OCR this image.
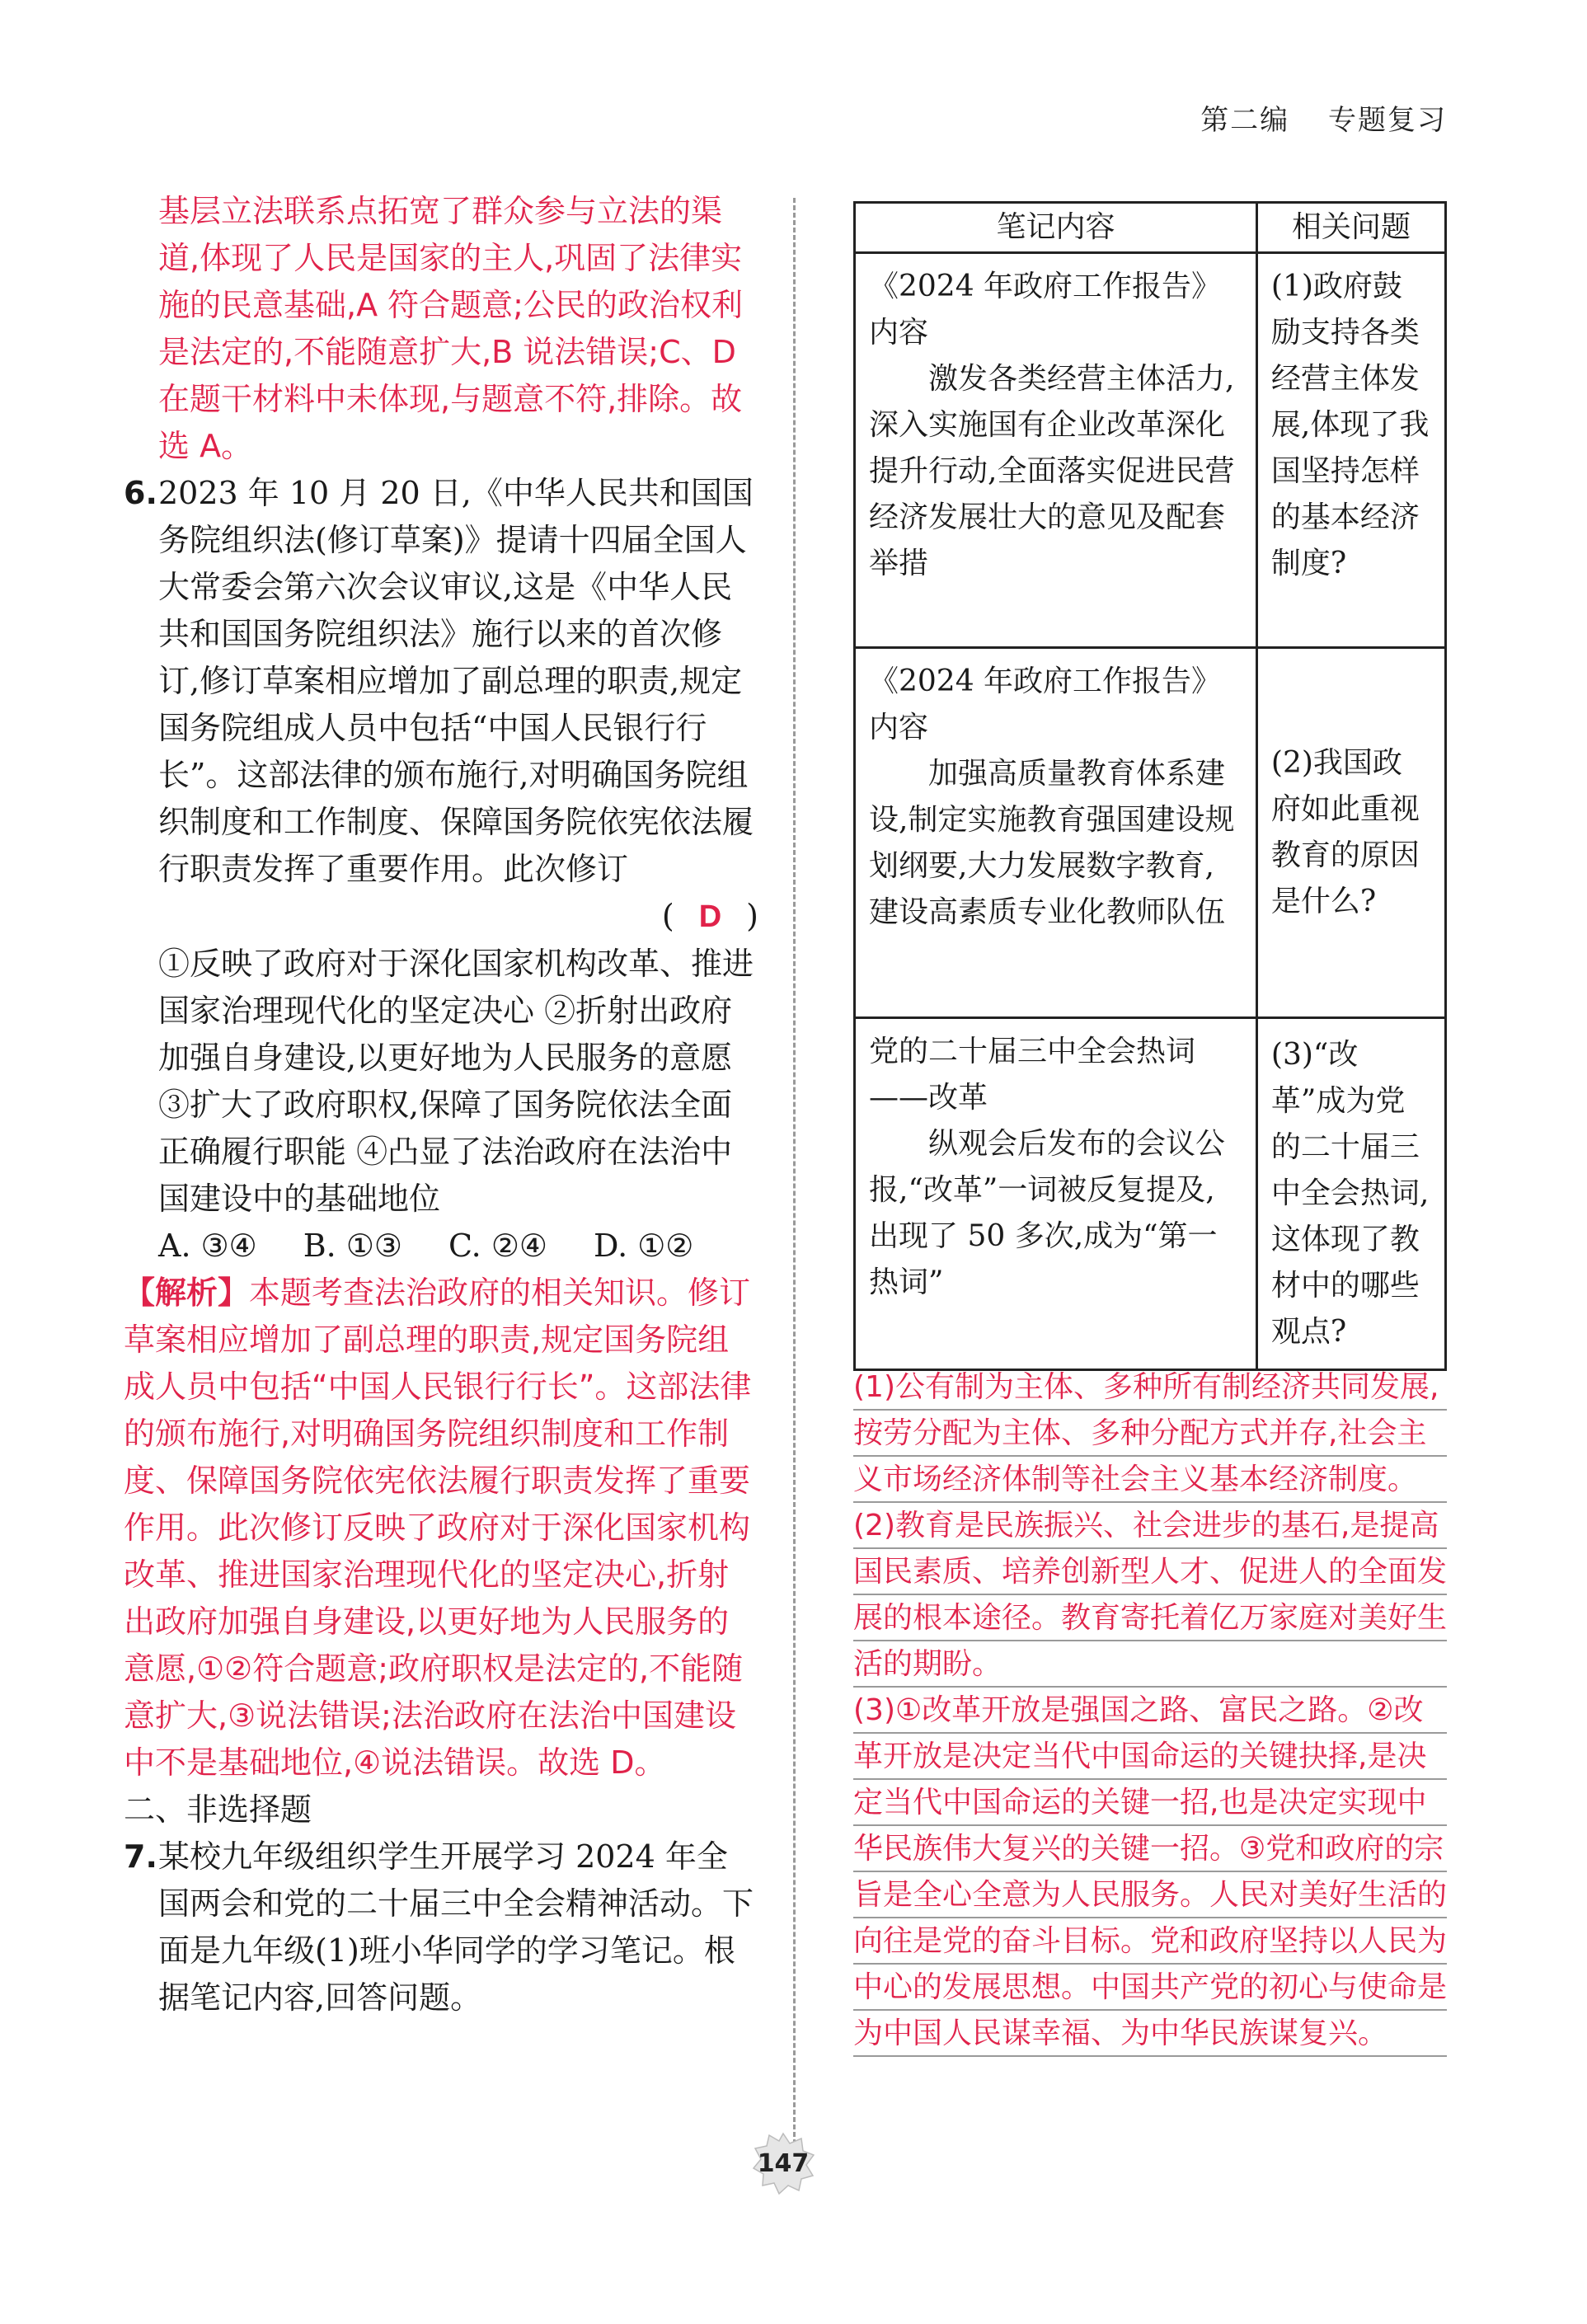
第二编 专题复习

基层立法联系点拓宽了群众参与立法的渠道,体现了人民是国家的主人,巩固了法律实施的民意基础,A 符合题意;公民的政治权利是法定的,不能随意扩大,B 说法错误;C、D 在题干材料中未体现,与题意不符,排除。故选 A。

6. 2023 年 10 月 20 日,《中华人民共和国国务院组织法(修订草案)》提请十四届全国人大常委会第六次会议审议,这是《中华人民共和国国务院组织法》施行以来的首次修订,修订草案相应增加了副总理的职责,规定国务院组成人员中包括“中国人民银行行长”。这部法律的颁布施行,对明确国务院组织制度和工作制度、保障国务院依宪依法履行职责发挥了重要作用。此次修订

( D )

①反映了政府对于深化国家机构改革、推进国家治理现代化的坚定决心 ②折射出政府加强自身建设,以更好地为人民服务的意愿 ③扩大了政府职权,保障了国务院依法全面正确履行职能 ④凸显了法治政府在法治中国建设中的基础地位

A. ③④ B. ①③ C. ②④ D. ①②

【解析】本题考查法治政府的相关知识。修订草案相应增加了副总理的职责,规定国务院组成人员中包括“中国人民银行行长”。这部法律的颁布施行,对明确国务院组织制度和工作制度、保障国务院依宪依法履行职责发挥了重要作用。此次修订反映了政府对于深化国家机构改革、推进国家治理现代化的坚定决心,折射出政府加强自身建设,以更好地为人民服务的意愿,①②符合题意;政府职权是法定的,不能随意扩大,③说法错误;法治政府在法治中国建设中不是基础地位,④说法错误。故选 D。

二、非选择题

7. 某校九年级组织学生开展学习 2024 年全国两会和党的二十届三中全会精神活动。下面是九年级(1)班小华同学的学习笔记。根据笔记内容,回答问题。

笔记内容	相关问题

《2024 年政府工作报告》内容

激发各类经营主体活力,深入实施国有企业改革深化提升行动,全面落实促进民营经济发展壮大的意见及配套举措	(1)政府鼓励支持各类经营主体发展,体现了我国坚持怎样的基本经济制度?

《2024 年政府工作报告》内容

加强高质量教育体系建设,制定实施教育强国建设规划纲要,大力发展数字教育,建设高素质专业化教师队伍	(2)我国政府如此重视教育的原因是什么?

党的二十届三中全会热词——改革

纵观会后发布的会议公报,“改革”一词被反复提及,出现了 50 多次,成为“第一热词”	(3)“改革”成为党的二十届三中全会热词,这体现了教材中的哪些观点?

(1)公有制为主体、多种所有制经济共同发展,按劳分配为主体、多种分配方式并存,社会主义市场经济体制等社会主义基本经济制度。

(2)教育是民族振兴、社会进步的基石,是提高国民素质、培养创新型人才、促进人的全面发展的根本途径。教育寄托着亿万家庭对美好生活的期盼。

(3)①改革开放是强国之路、富民之路。②改革开放是决定当代中国命运的关键抉择,是决定当代中国命运的关键一招,也是决定实现中华民族伟大复兴的关键一招。③党和政府的宗旨是全心全意为人民服务。人民对美好生活的向往是党的奋斗目标。党和政府坚持以人民为中心的发展思想。中国共产党的初心与使命是为中国人民谋幸福、为中华民族谋复兴。

147
